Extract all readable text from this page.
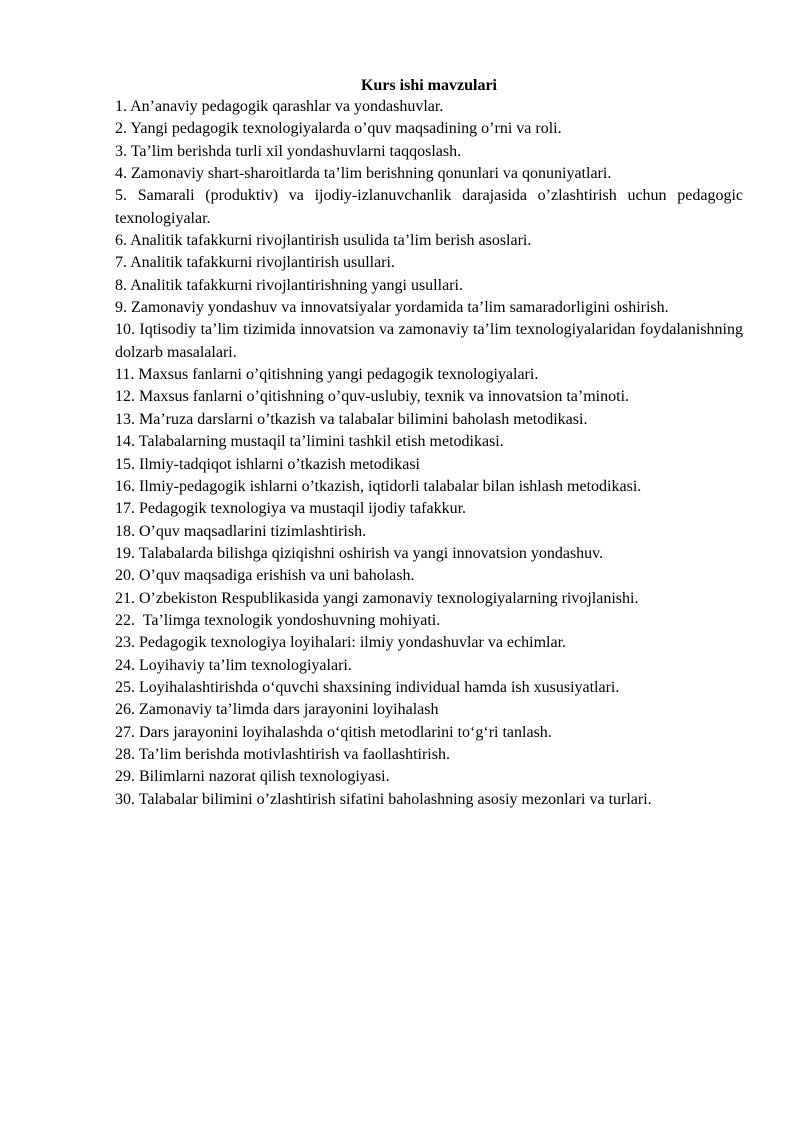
Kurs ishi mavzulari
1. An’anaviy pedagogik qarashlar va yondashuvlar.
2. Yangi pedagogik texnologiyalarda o’quv maqsadining o’rni va roli.
3. Ta’lim berishda turli xil yondashuvlarni taqqoslash.
4. Zamonaviy shart-sharoitlarda ta’lim berishning qonunlari va qonuniyatlari.
5. Samarali (produktiv) va ijodiy-izlanuvchanlik darajasida o’zlashtirish uchun pedagogic texnologiyalar.
6. Analitik tafakkurni rivojlantirish usulida ta’lim berish asoslari.
7. Analitik tafakkurni rivojlantirish usullari.
8. Analitik tafakkurni rivojlantirishning yangi usullari.
9. Zamonaviy yondashuv va innovatsiyalar yordamida ta’lim samaradorligini oshirish.
10. Iqtisodiy ta’lim tizimida innovatsion va zamonaviy ta’lim texnologiyalaridan foydalanishning dolzarb masalalari.
11. Maxsus fanlarni o’qitishning yangi pedagogik texnologiyalari.
12. Maxsus fanlarni o’qitishning o’quv-uslubiy, texnik va innovatsion ta’minoti.
13. Ma’ruza darslarni o’tkazish va talabalar bilimini baholash metodikasi.
14. Talabalarning mustaqil ta’limini tashkil etish metodikasi.
15. Ilmiy-tadqiqot ishlarni o’tkazish metodikasi
16. Ilmiy-pedagogik ishlarni o’tkazish, iqtidorli talabalar bilan ishlash metodikasi.
17. Pedagogik texnologiya va mustaqil ijodiy tafakkur.
18. O’quv maqsadlarini tizimlashtirish.
19. Talabalarda bilishga qiziqishni oshirish va yangi innovatsion yondashuv.
20. O’quv maqsadiga erishish va uni baholash.
21. O’zbekiston Respublikasida yangi zamonaviy texnologiyalarning rivojlanishi.
22.  Ta’limga texnologik yondoshuvning mohiyati.
23. Pedagogik texnologiya loyihalari: ilmiy yondashuvlar va echimlar.
24. Loyihaviy ta’lim texnologiyalari.
25. Loyihalashtirishda o‘quvchi shaxsining individual hamda ish xususiyatlari.
26. Zamonaviy ta’limda dars jarayonini loyihalash
27. Dars jarayonini loyihalashda o‘qitish metodlarini to‘g‘ri tanlash.
28. Ta’lim berishda motivlashtirish va faollashtirish.
29. Bilimlarni nazorat qilish texnologiyasi.
30. Talabalar bilimini o’zlashtirish sifatini baholashning asosiy mezonlari va turlari.
